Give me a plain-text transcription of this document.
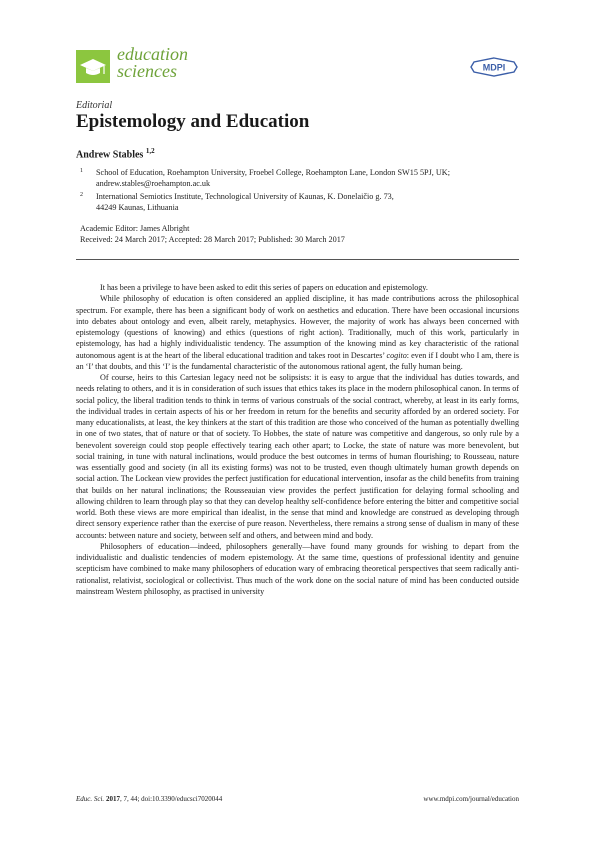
education
sciences	MDPI
Editorial
Epistemology and Education
Andrew Stables $^{1,2}$
1 School of Education, Roehampton University, Froebel College, Roehampton Lane, London SW15 5PJ, UK;
andrew.stables@roehampton.ac.uk
2 International Semiotics Institute, Technological University of Kaunas, K. Donelaičio g. 73,
44249 Kaunas, Lithuania
Academic Editor: James Albright
Received: 24 March 2017; Accepted: 28 March 2017; Published: 30 March 2017

It has been a privilege to have been asked to edit this series of papers on education and epistemology.

While philosophy of education is often considered an applied discipline, it has made contributions across the philosophical spectrum. For example, there has been a significant body of work on aesthetics and education. There have been occasional incursions into debates about ontology and even, albeit rarely, metaphysics. However, the majority of work has always been concerned with epistemology (questions of knowing) and ethics (questions of right action). Traditionally, much of this work, particularly in epistemology, has had a highly individualistic tendency. The assumption of the knowing mind as key characteristic of the rational autonomous agent is at the heart of the liberal educational tradition and takes root in Descartes’ cogito: even if I doubt who I am, there is an ‘I’ that doubts, and this ‘I’ is the fundamental characteristic of the autonomous rational agent, the fully human being.

Of course, heirs to this Cartesian legacy need not be solipsists: it is easy to argue that the individual has duties towards, and needs relating to others, and it is in consideration of such issues that ethics takes its place in the modern philosophical canon. In terms of social policy, the liberal tradition tends to think in terms of various construals of the social contract, whereby, at least in its early forms, the individual trades in certain aspects of his or her freedom in return for the benefits and security afforded by an ordered society. For many educationalists, at least, the key thinkers at the start of this tradition are those who conceived of the human as potentially dwelling in one of two states, that of nature or that of society. To Hobbes, the state of nature was competitive and dangerous, so only rule by a benevolent sovereign could stop people effectively tearing each other apart; to Locke, the state of nature was more benevolent, but social training, in tune with natural inclinations, would produce the best outcomes in terms of human flourishing; to Rousseau, nature was essentially good and society (in all its existing forms) was not to be trusted, even though ultimately human growth depends on social action. The Lockean view provides the perfect justification for educational intervention, insofar as the child benefits from training that builds on her natural inclinations; the Rousseauian view provides the perfect justification for delaying formal schooling and allowing children to learn through play so that they can develop healthy self-confidence before entering the bitter and competitive social world. Both these views are more empirical than idealist, in the sense that mind and knowledge are construed as developing through direct sensory experience rather than the exercise of pure reason. Nevertheless, there remains a strong sense of dualism in many of these accounts: between nature and society, between self and others, and between mind and body.

Philosophers of education—indeed, philosophers generally—have found many grounds for wishing to depart from the individualistic and dualistic tendencies of modern epistemology. At the same time, questions of professional identity and genuine scepticism have combined to make many philosophers of education wary of embracing theoretical perspectives that seem radically anti-rationalist, relativist, sociological or collectivist. Thus much of the work done on the social nature of mind has been conducted outside mainstream Western philosophy, as practised in university

Educ. Sci. 2017, 7, 44; doi:10.3390/educsci7020044	www.mdpi.com/journal/education
